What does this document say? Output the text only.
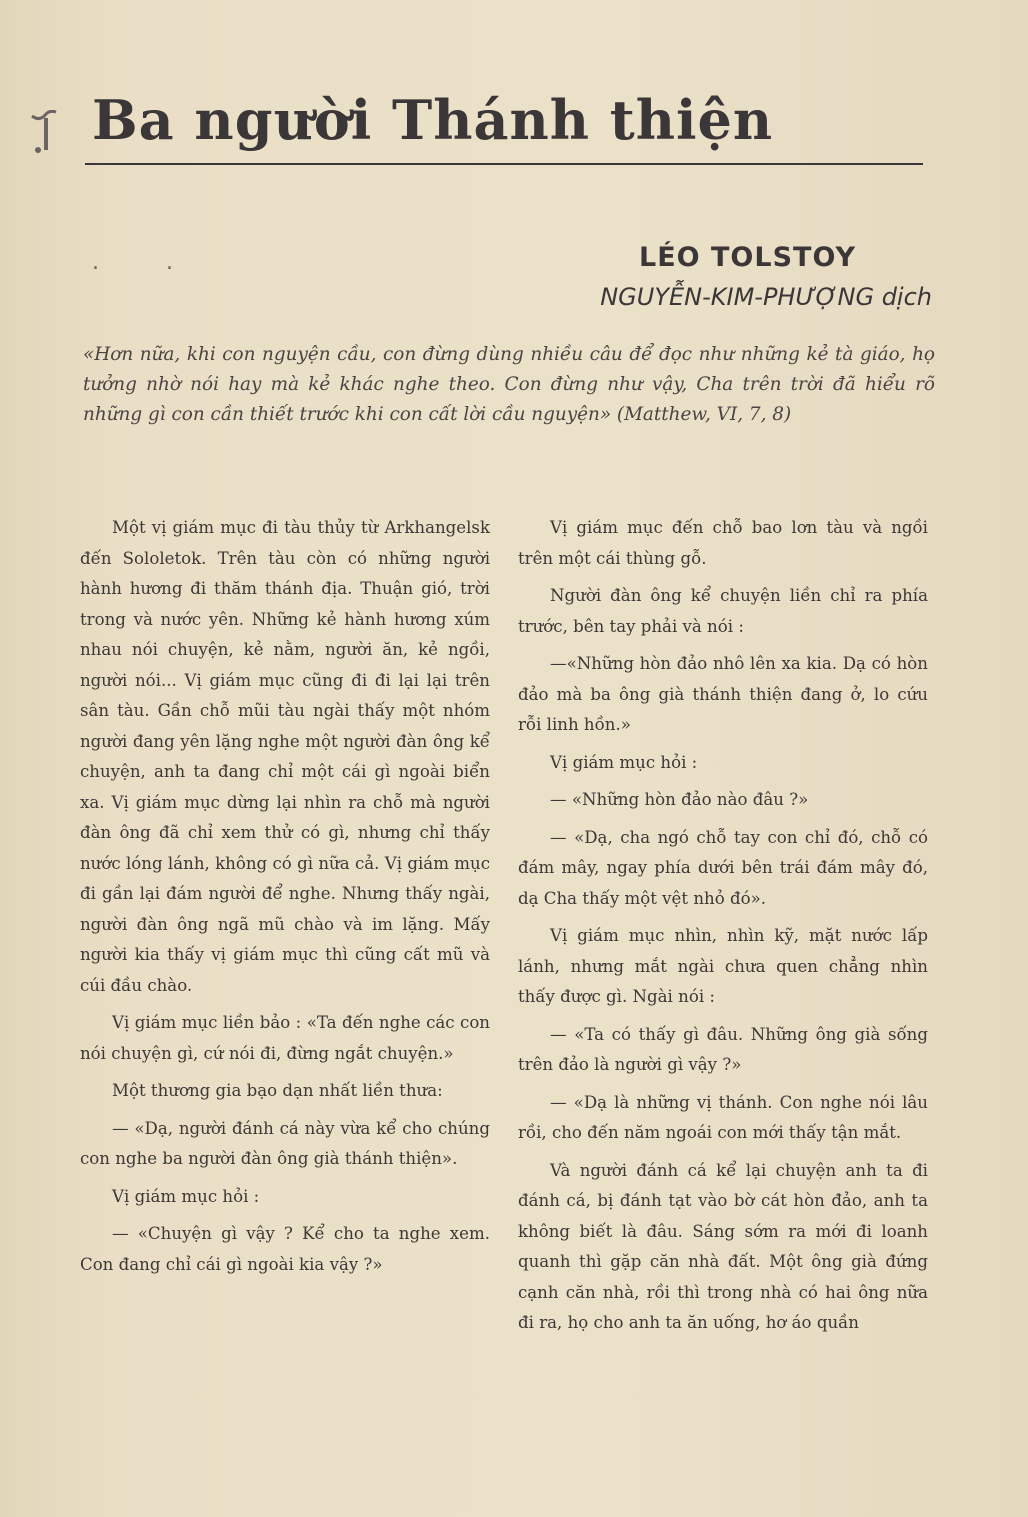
Ba người Thánh thiện
. .	LÉO TOLSTOY
NGUYỄN-KIM-PHƯỢNG dịch

«Hơn nữa, khi con nguyện cầu, con đừng dùng nhiều câu để đọc như những kẻ tà giáo, họ tưởng nhờ nói hay mà kẻ khác nghe theo. Con đừng như vậy, Cha trên trời đã hiểu rõ những gì con cần thiết trước khi con cất lời cầu nguyện» (Matthew, VI, 7, 8)

Một vị giám mục đi tàu thủy từ Arkhangelsk đến Sololetok. Trên tàu còn có những người hành hương đi thăm thánh địa. Thuận gió, trời trong và nước yên. Những kẻ hành hương xúm nhau nói chuyện, kẻ nằm, người ăn, kẻ ngồi, người nói... Vị giám mục cũng đi đi lại lại trên sân tàu. Gần chỗ mũi tàu ngài thấy một nhóm người đang yên lặng nghe một người đàn ông kể chuyện, anh ta đang chỉ một cái gì ngoài biển xa. Vị giám mục dừng lại nhìn ra chỗ mà người đàn ông đã chỉ xem thử có gì, nhưng chỉ thấy nước lóng lánh, không có gì nữa cả. Vị giám mục đi gần lại đám người để nghe. Nhưng thấy ngài, người đàn ông ngã mũ chào và im lặng. Mấy người kia thấy vị giám mục thì cũng cất mũ và cúi đầu chào.

Vị giám mục liền bảo : «Ta đến nghe các con nói chuyện gì, cứ nói đi, đừng ngắt chuyện.»

Một thương gia bạo dạn nhất liền thưa:

— «Dạ, người đánh cá này vừa kể cho chúng con nghe ba người đàn ông già thánh thiện».

Vị giám mục hỏi :

— «Chuyện gì vậy ? Kể cho ta nghe xem. Con đang chỉ cái gì ngoài kia vậy ?»

Vị giám mục đến chỗ bao lơn tàu và ngồi trên một cái thùng gỗ.

Người đàn ông kể chuyện liền chỉ ra phía trước, bên tay phải và nói :

—«Những hòn đảo nhô lên xa kia. Dạ có hòn đảo mà ba ông già thánh thiện đang ở, lo cứu rỗi linh hồn.»

Vị giám mục hỏi :

— «Những hòn đảo nào đâu ?»

— «Dạ, cha ngó chỗ tay con chỉ đó, chỗ có đám mây, ngay phía dưới bên trái đám mây đó, dạ Cha thấy một vệt nhỏ đó».

Vị giám mục nhìn, nhìn kỹ, mặt nước lấp lánh, nhưng mắt ngài chưa quen chẳng nhìn thấy được gì. Ngài nói :

— «Ta có thấy gì đâu. Những ông già sống trên đảo là người gì vậy ?»

— «Dạ là những vị thánh. Con nghe nói lâu rồi, cho đến năm ngoái con mới thấy tận mắt.

Và người đánh cá kể lại chuyện anh ta đi đánh cá, bị đánh tạt vào bờ cát hòn đảo, anh ta không biết là đâu. Sáng sớm ra mới đi loanh quanh thì gặp căn nhà đất. Một ông già đứng cạnh căn nhà, rồi thì trong nhà có hai ông nữa đi ra, họ cho anh ta ăn uống, hơ áo quần
